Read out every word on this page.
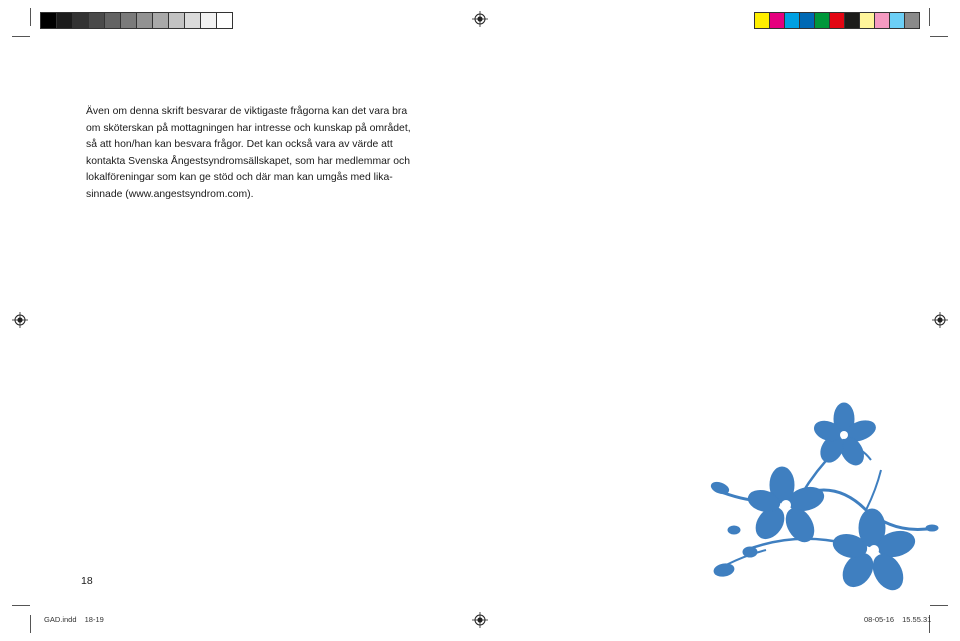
Även om denna skrift besvarar de viktigaste frågorna kan det vara bra
om sköterskan på mottagningen har intresse och kunskap på området,
så att hon/han kan besvara frågor. Det kan också vara av värde att
kontakta Svenska Ångestsyndromsällskapet, som har medlemmar och
lokalföreningar som kan ge stöd och där man kan umgås med lika-
sinnade (www.angestsyndrom.com).
18
GAD.indd 18-19	08-05-16 15.55.31
